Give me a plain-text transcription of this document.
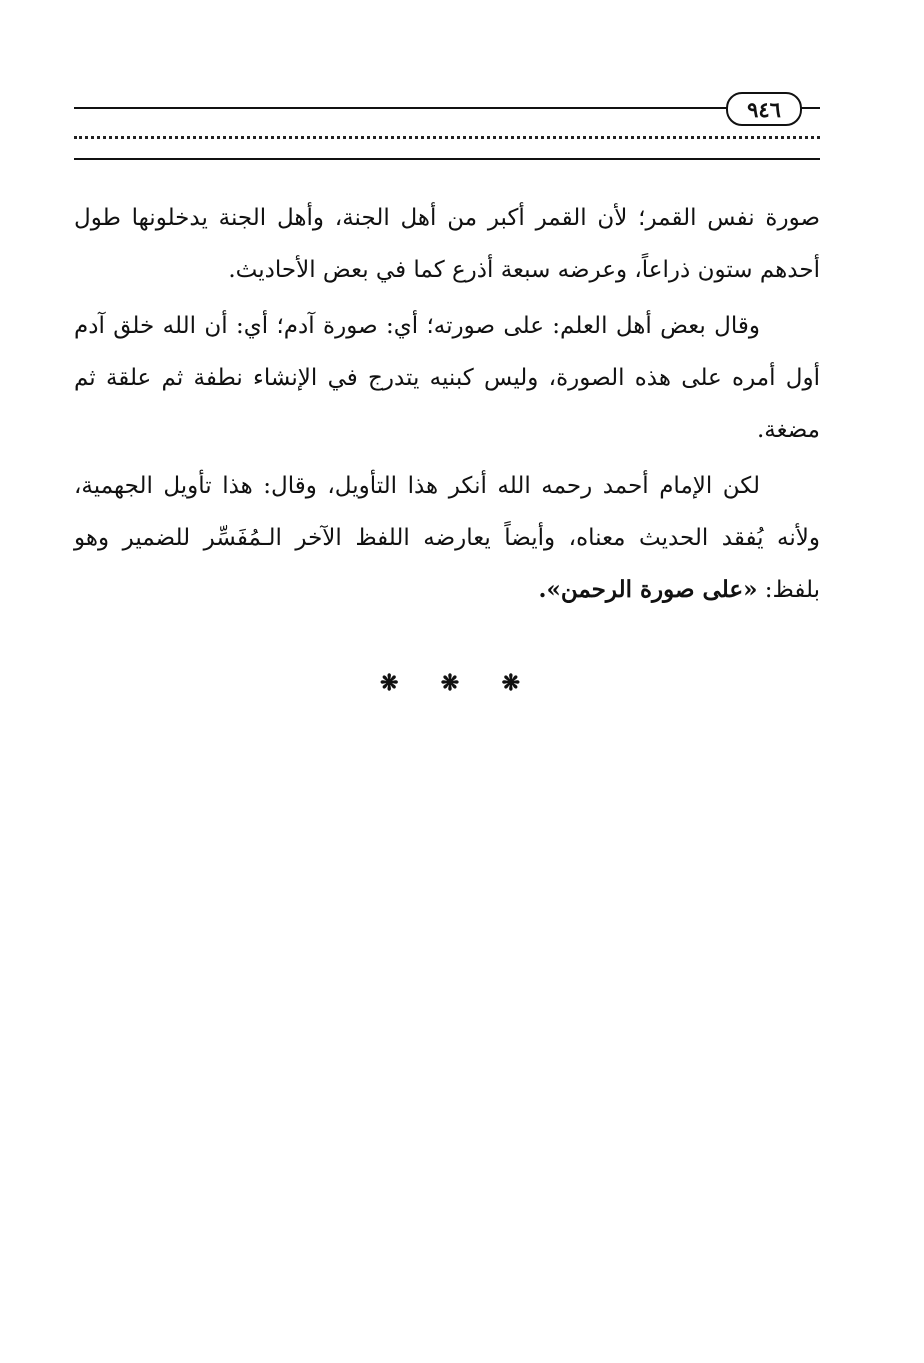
٩٤٦

صورة نفس القمر؛ لأن القمر أكبر من أهل الجنة، وأهل الجنة يدخلونها طول أحدهم ستون ذراعاً، وعرضه سبعة أذرع كما في بعض الأحاديث.

وقال بعض أهل العلم: على صورته؛ أي: صورة آدم؛ أي: أن الله خلق آدم أول أمره على هذه الصورة، وليس كبنيه يتدرج في الإنشاء نطفة ثم علقة ثم مضغة.

لكن الإمام أحمد رحمه الله أنكر هذا التأويل، وقال: هذا تأويل الجهمية، ولأنه يُفقد الحديث معناه، وأيضاً يعارضه اللفظ الآخر الـمُفَسِّر للضمير وهو بلفظ: «على صورة الرحمن».

❋ ❋ ❋
